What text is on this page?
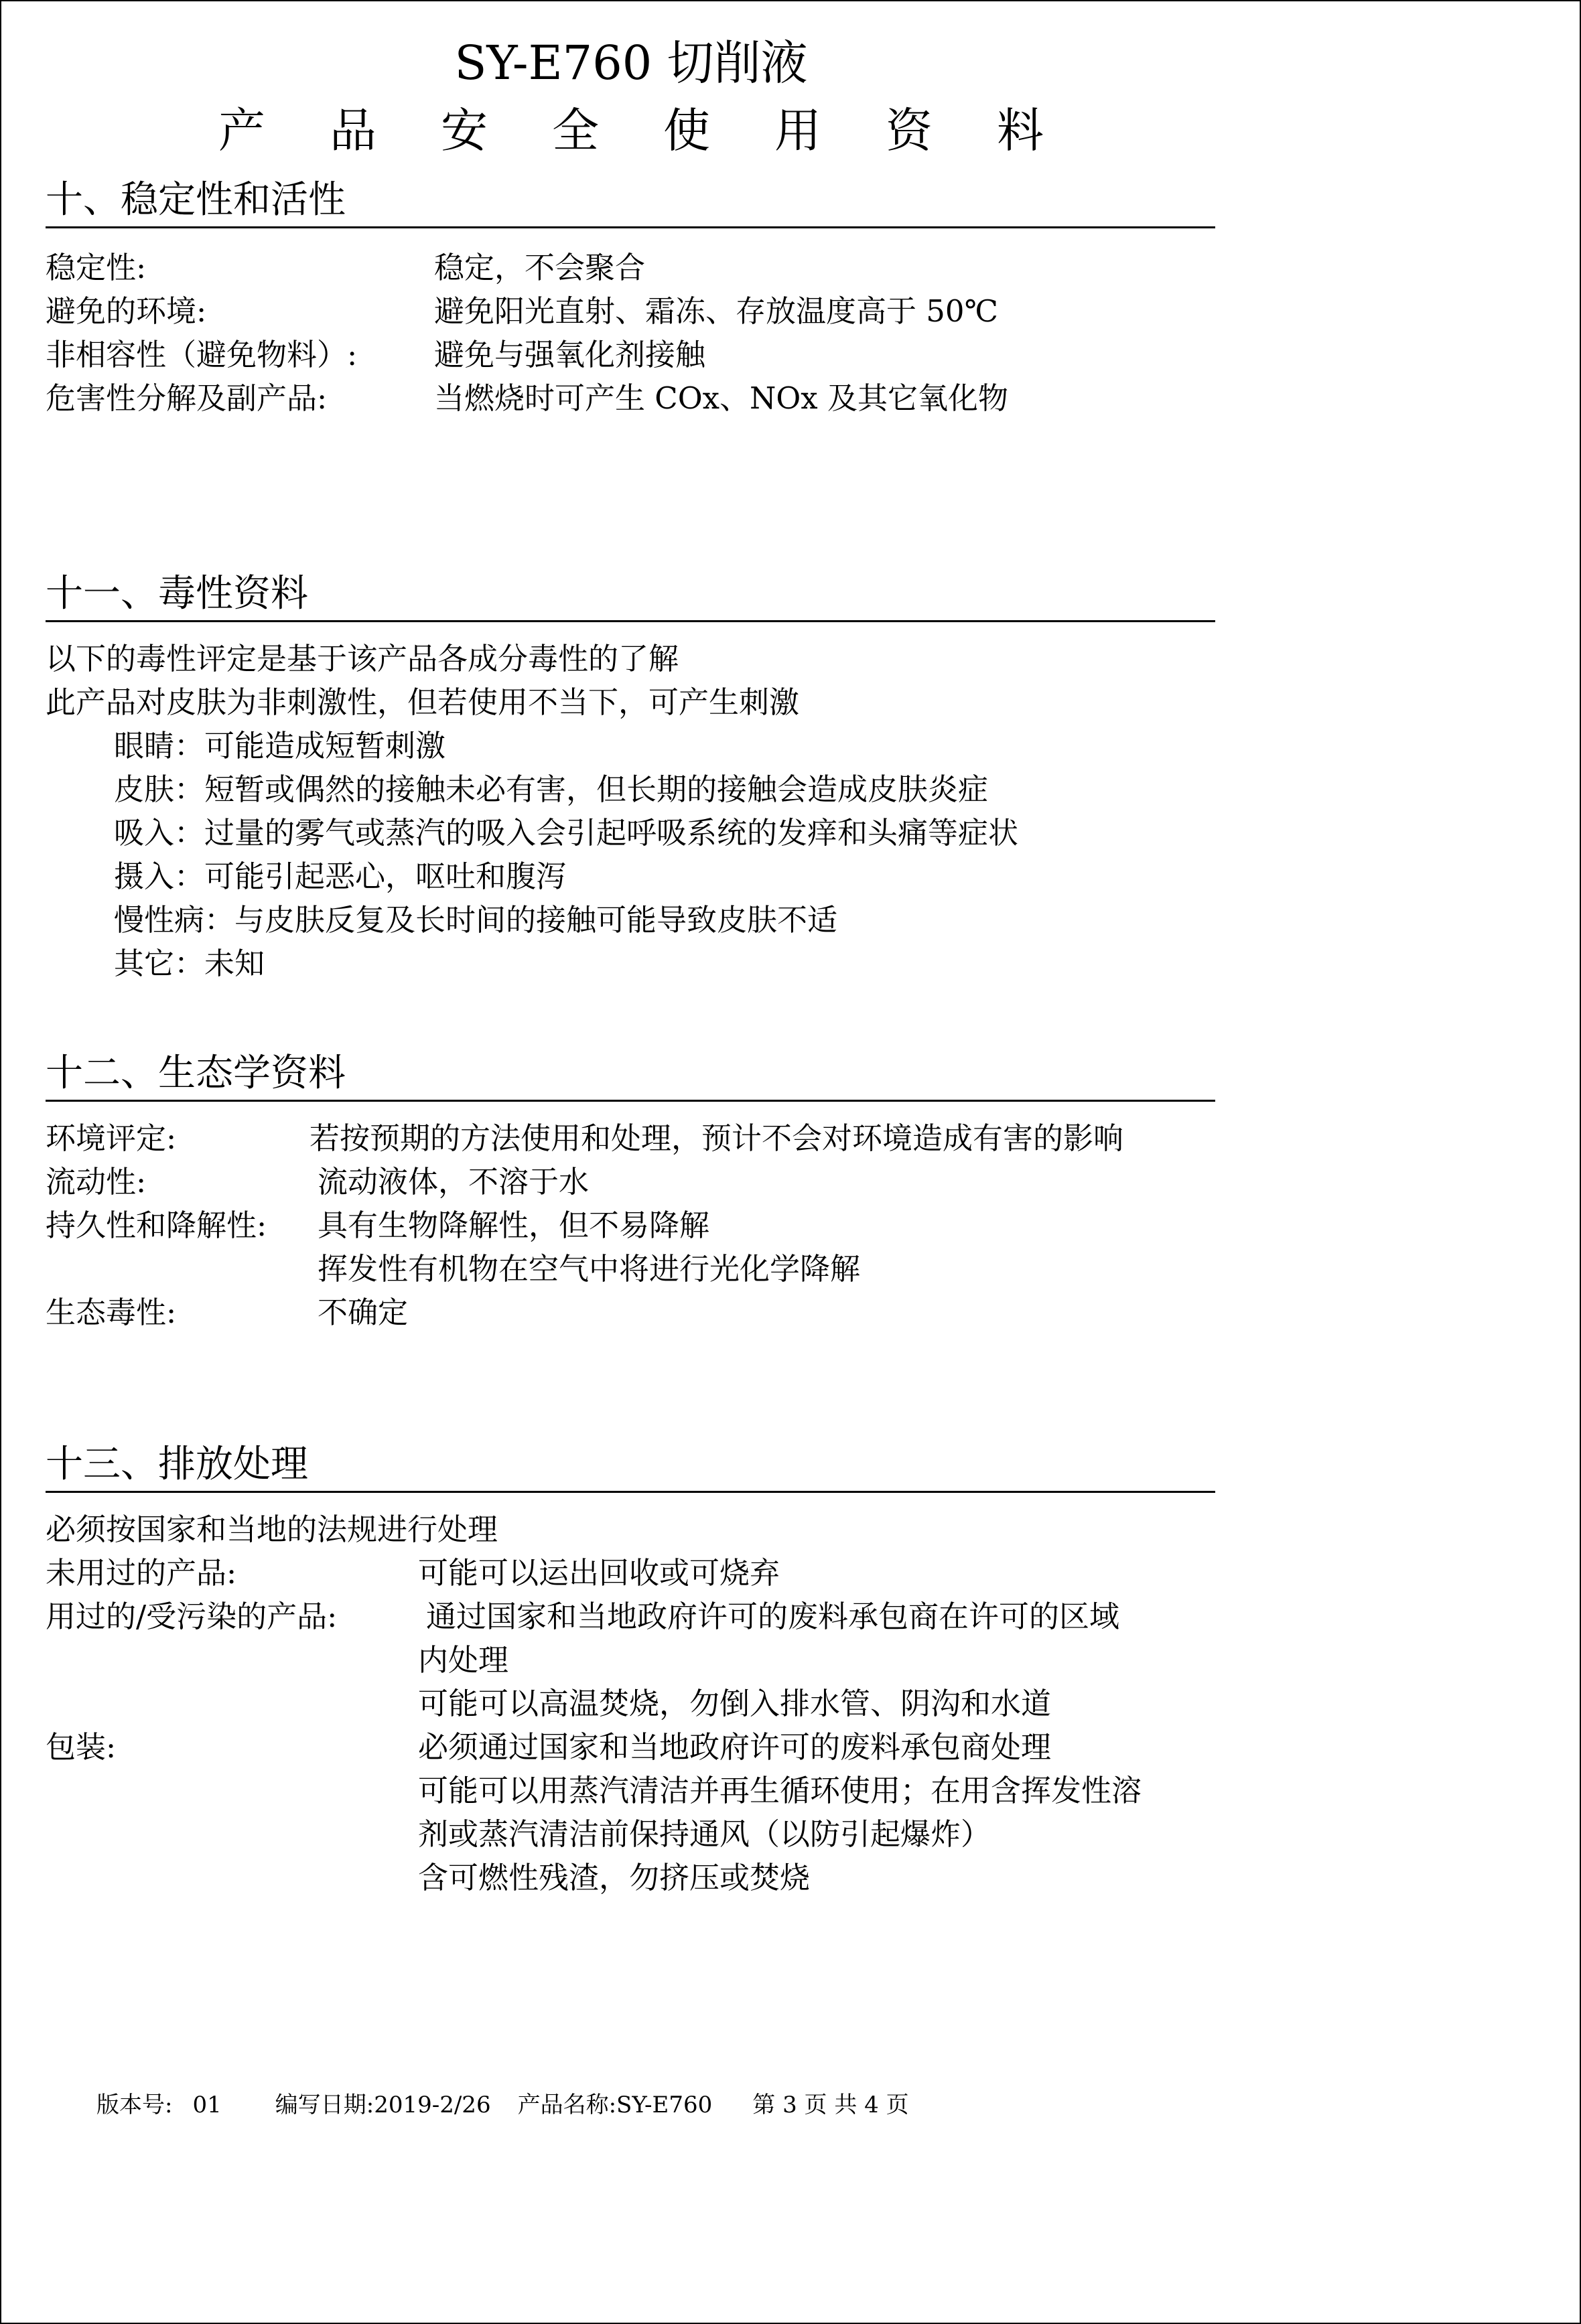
SY-E760 切削液
产品安全使用资料
十、稳定性和活性
稳定性:	稳定，不会聚合
避免的环境:	避免阳光直射、霜冻、存放温度高于 50℃
非相容性（避免物料）:	避免与强氧化剂接触
危害性分解及副产品:	当燃烧时可产生 COx、NOx 及其它氧化物
十一、毒性资料
以下的毒性评定是基于该产品各成分毒性的了解
此产品对皮肤为非刺激性，但若使用不当下，可产生刺激
眼睛：可能造成短暂刺激
皮肤：短暂或偶然的接触未必有害，但长期的接触会造成皮肤炎症
吸入：过量的雾气或蒸汽的吸入会引起呼吸系统的发痒和头痛等症状
摄入：可能引起恶心，呕吐和腹泻
慢性病：与皮肤反复及长时间的接触可能导致皮肤不适
其它：未知
十二、生态学资料
环境评定:	若按预期的方法使用和处理，预计不会对环境造成有害的影响
流动性:	流动液体，不溶于水
持久性和降解性: 具有生物降解性，但不易降解
挥发性有机物在空气中将进行光化学降解
生态毒性:	不确定
十三、排放处理
必须按国家和当地的法规进行处理
未用过的产品:	可能可以运出回收或可烧弃
用过的/受污染的产品:	通过国家和当地政府许可的废料承包商在许可的区域
内处理
可能可以高温焚烧，勿倒入排水管、阴沟和水道
包装:	必须通过国家和当地政府许可的废料承包商处理
可能可以用蒸汽清洁并再生循环使用；在用含挥发性溶
剂或蒸汽清洁前保持通风（以防引起爆炸）
含可燃性残渣，勿挤压或焚烧
版本号: 01 编写日期:2019-2/26 产品名称:SY-E760 第 3 页 共 4 页
